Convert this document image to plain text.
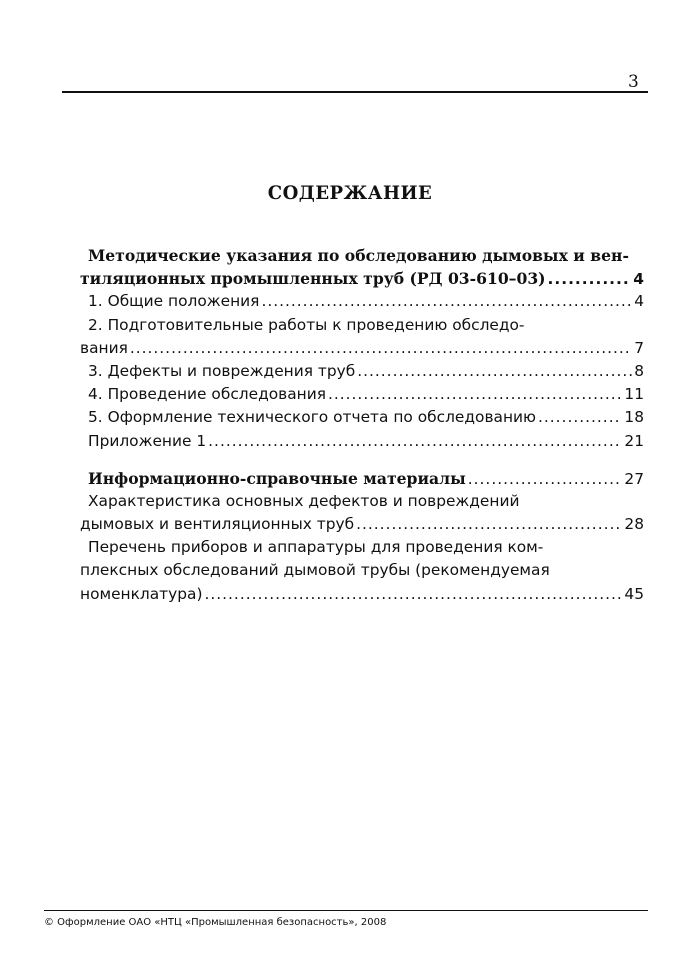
3
СОДЕРЖАНИЕ
Методические указания по обследованию дымовых и вен-
тиляционных промышленных труб (РД 03-610–03) .....	4
1. Общие положения .....	4
2. Подготовительные работы к проведению обследо-
вания .....	7
3. Дефекты и повреждения труб .....	8
4. Проведение обследования .....	11
5. Оформление технического отчета по обследованию .....	18
Приложение 1 .....	21
Информационно-справочные материалы .....	27
Характеристика основных дефектов и повреждений
дымовых и вентиляционных труб .....	28
Перечень приборов и аппаратуры для проведения ком-
плексных обследований дымовой трубы (рекомендуемая
номенклатура) .....	45
© Оформление ОАО «НТЦ «Промышленная безопасность», 2008
